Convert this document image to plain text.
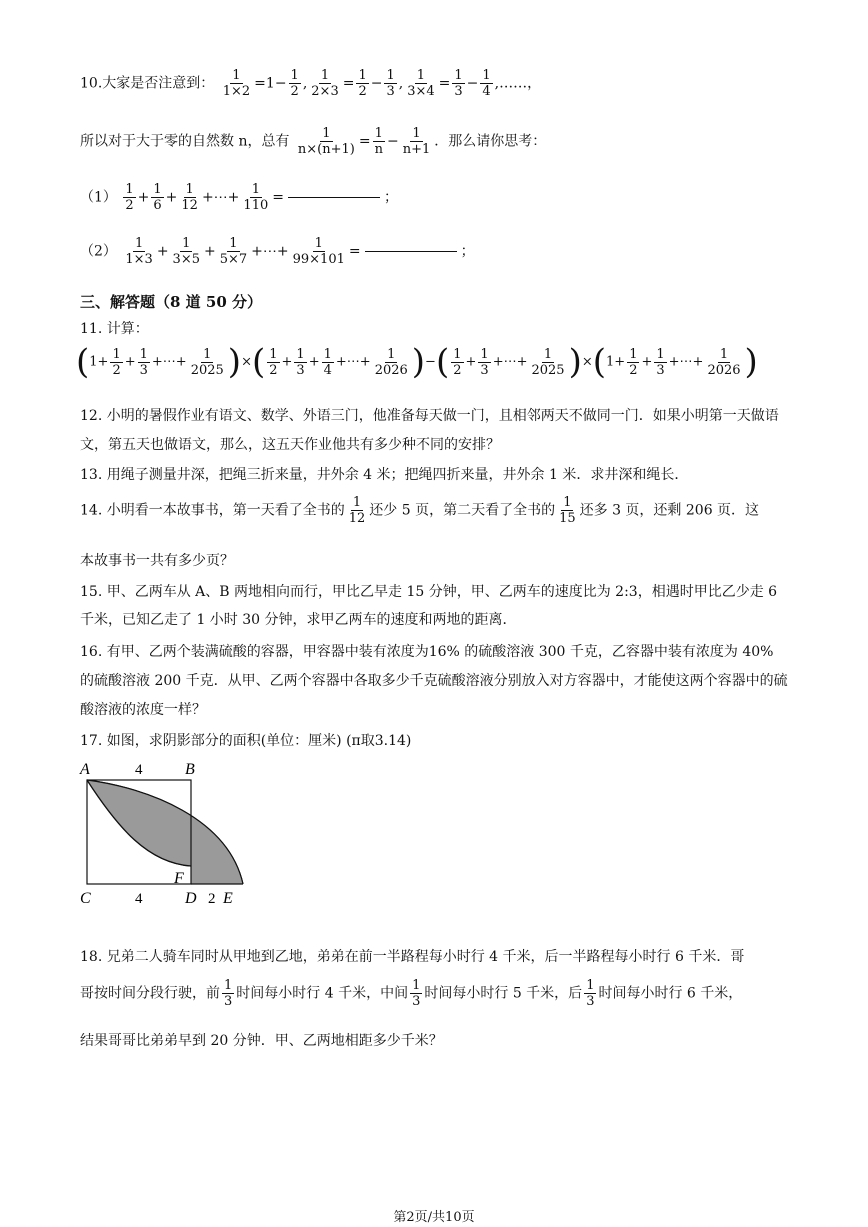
10.大家是否注意到： $\frac{1}{1\times 2} =1- \frac{1}{2}$ , $\frac{1}{2\times 3} = \frac{1}{2} - \frac{1}{3}$ , $\frac{1}{3\times 4} = \frac{1}{3} - \frac{1}{4}$ ,……，
所以对于大于零的自然数 n，总有 $\frac{1}{n\times(n+1)} = \frac{1}{n} - \frac{1}{n+1}$ ．那么请你思考：
$(1) \frac{1}{2} + \frac{1}{6} + \frac{1}{12}$ +⋯+ $\frac{1}{110}$ =	；
$(2) \frac{1}{1\times 3} + \frac{1}{3\times 5} + \frac{1}{5\times 7}$ +⋯+ $\frac{1}{99\times 101}$ =	；
三、解答题（8 道 50 分）
11. 计算：
($1+ \frac{1}{2} + \frac{1}{3}$ +⋯+ $\frac{1}{2025}$ )×( $\frac{1}{2} + \frac{1}{3} + \frac{1}{4}$ +⋯+ $\frac{1}{2026}$ )−( $\frac{1}{2} + \frac{1}{3}$ +⋯+ $\frac{1}{2025} )\times(1+ \frac{1}{2} + \frac{1}{3}$ +⋯+ $\frac{1}{2026}$ )
12. 小明的暑假作业有语文、数学、外语三门，他准备每天做一门，且相邻两天不做同一门．如果小明第一天做语文，第五天也做语文，那么，这五天作业他共有多少种不同的安排？
13. 用绳子测量井深，把绳三折来量，井外余 4 米；把绳四折来量，井外余 1 米．求井深和绳长．
14. 小明看一本故事书，第一天看了全书的 $\frac{1}{12}$ 还少 5 页，第二天看了全书的 $\frac{1}{15}$ 还多 3 页，还剩 206 页．这
本故事书一共有多少页？
15. 甲、乙两车从 A、B 两地相向而行，甲比乙早走 15 分钟，甲、乙两车的速度比为 2:3，相遇时甲比乙少走 6 千米，已知乙走了 1 小时 30 分钟，求甲乙两车的速度和两地的距离．
16. 有甲、乙两个装满硫酸的容器，甲容器中装有浓度为16% 的硫酸溶液 300 千克，乙容器中装有浓度为 40% 的硫酸溶液 200 千克．从甲、乙两个容器中各取多少千克硫酸溶液分别放入对方容器中，才能使这两个容器中的硫酸溶液的浓度一样？
17. 如图，求阴影部分的面积(单位：厘米) (π取3.14)
A	4	B
F
C	4	D 2 E
18. 兄弟二人骑车同时从甲地到乙地，弟弟在前一半路程每小时行 4 千米，后一半路程每小时行 6 千米．哥
哥按时间分段行驶，前 $\frac{1}{3}$ 时间每小时行 4 千米，中间 $\frac{1}{3}$ 时间每小时行 5 千米，后 $\frac{1}{3}$ 时间每小时行 6 千米，
结果哥哥比弟弟早到 20 分钟．甲、乙两地相距多少千米？
第2页/共10页
